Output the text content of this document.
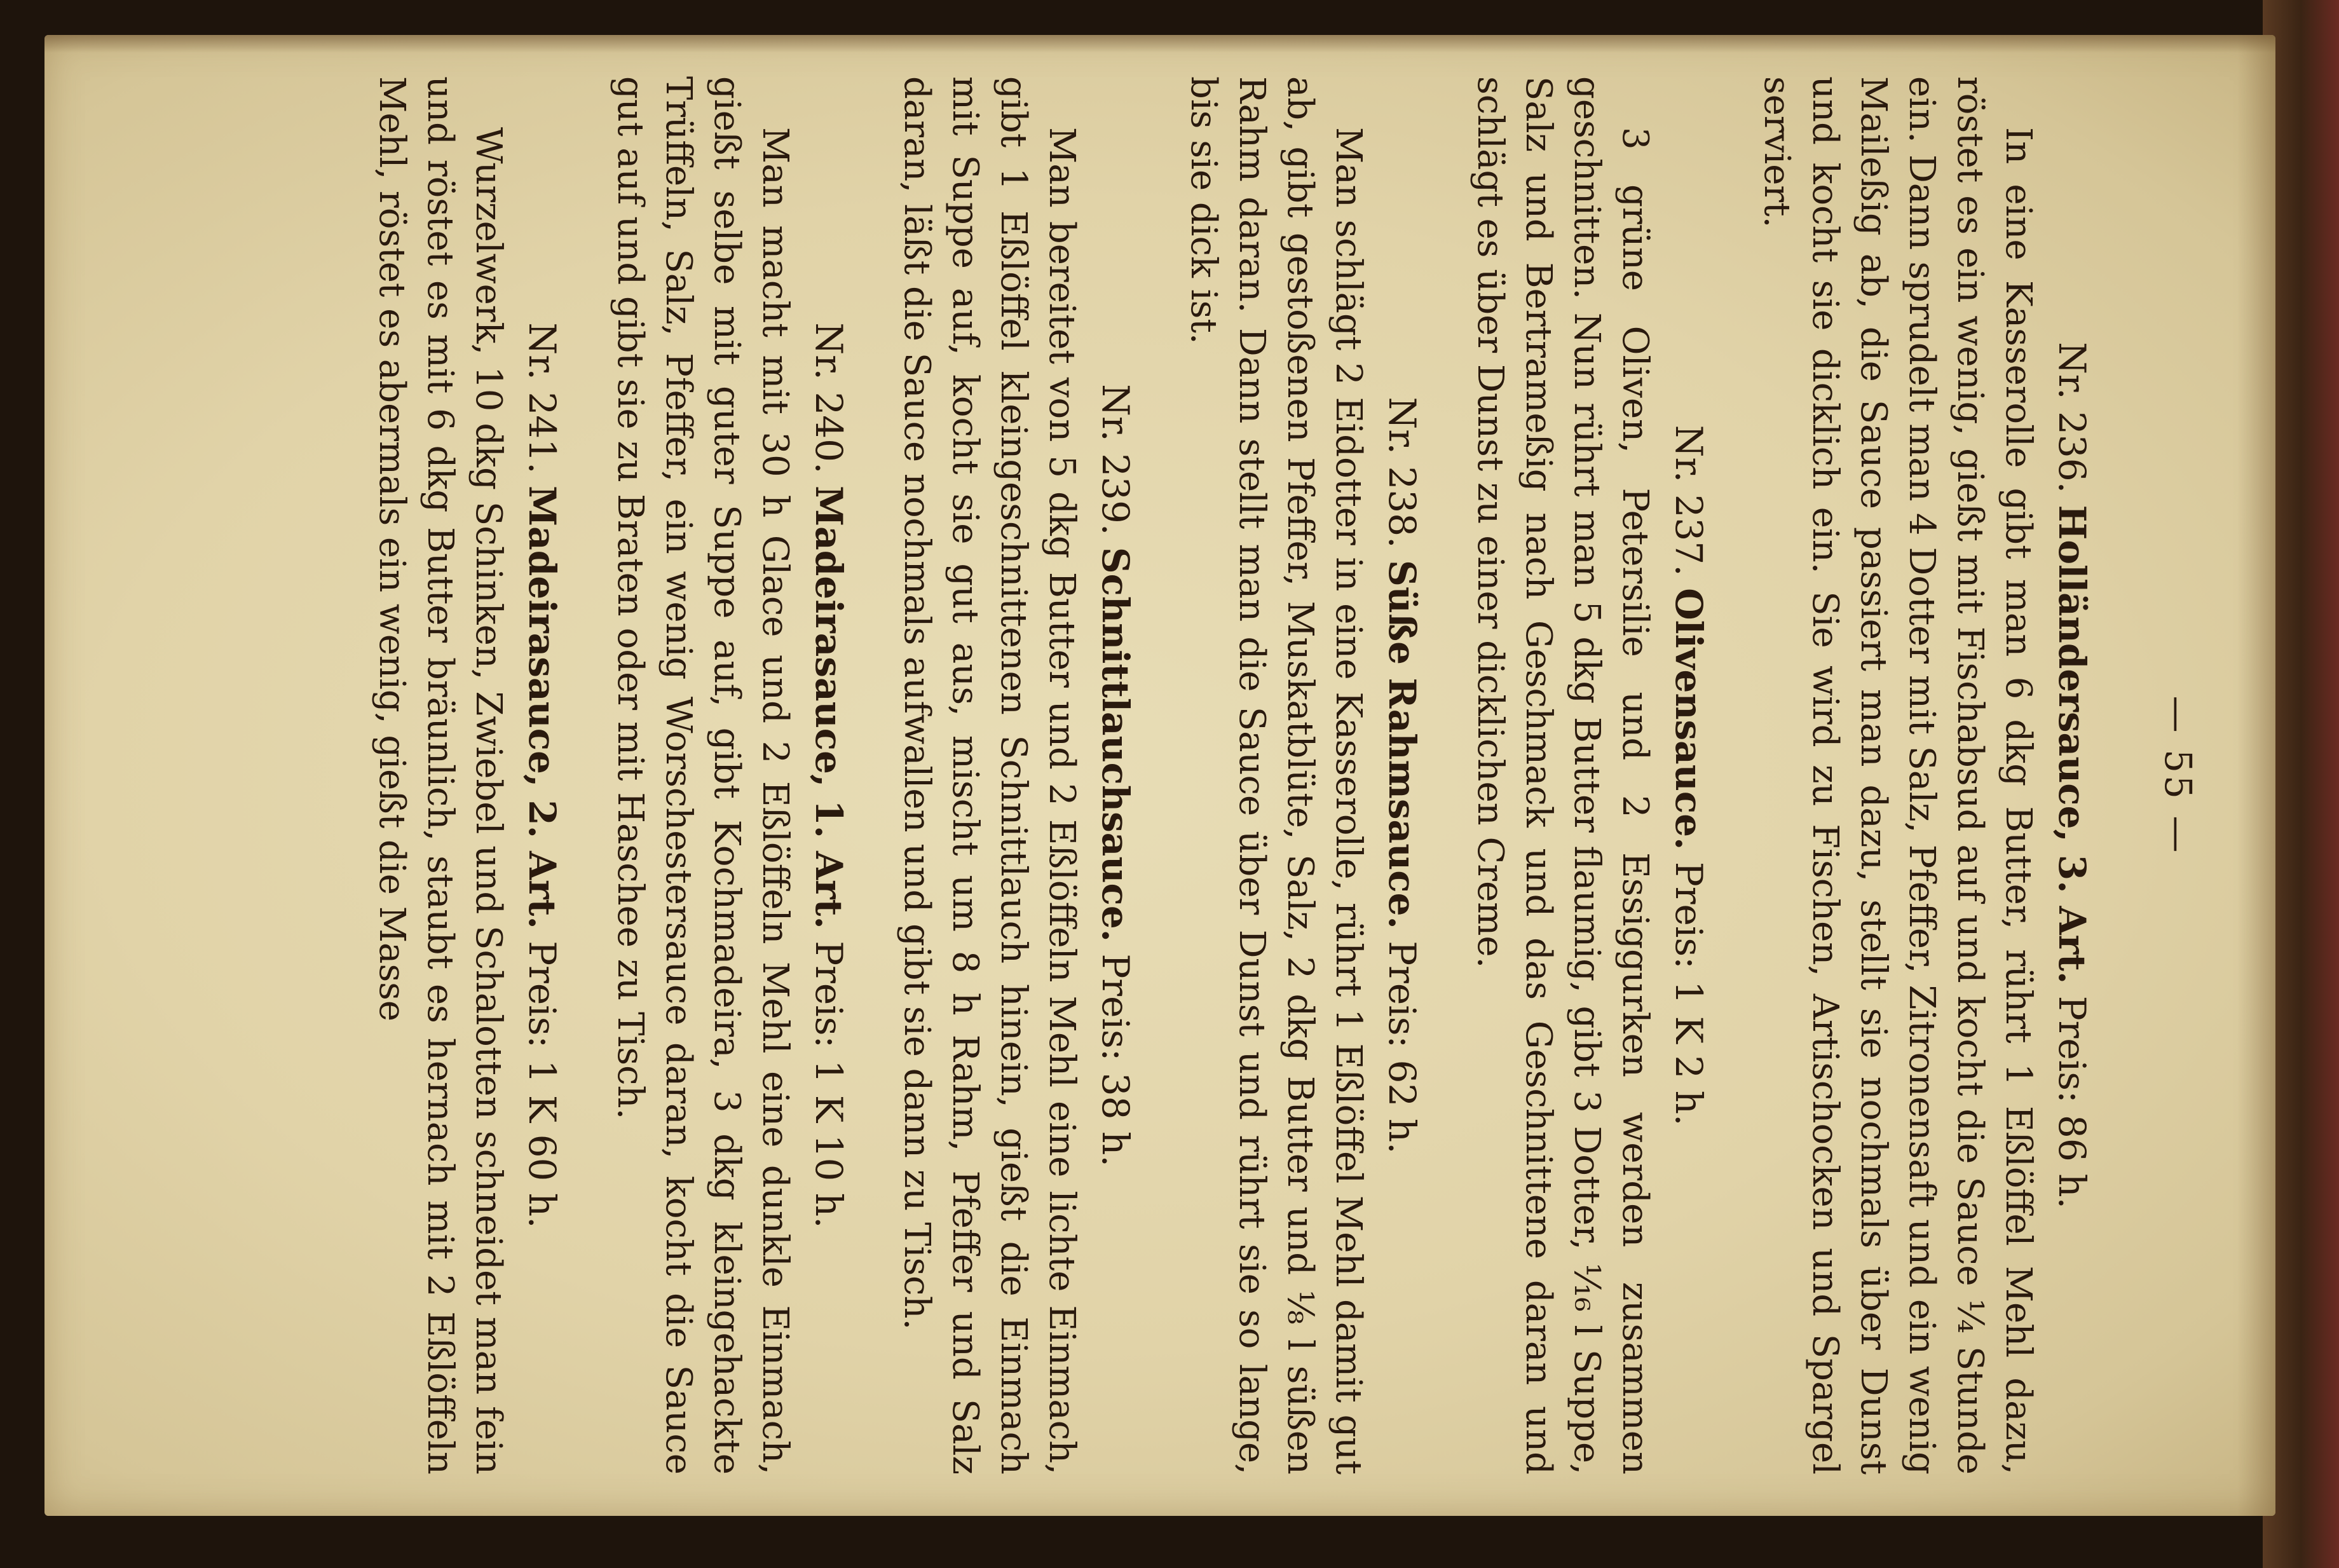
— 55 —

Nr. 236. Holländersauce, 3. Art. Preis: 86 h.

In eine Kasserolle gibt man 6 dkg Butter, rührt 1 Eßlöffel Mehl dazu, röstet es ein wenig, gießt mit Fischabsud auf und kocht die Sauce ¼ Stunde ein. Dann sprudelt man 4 Dotter mit Salz, Pfeffer, Zitronensaft und ein wenig Maileßig ab, die Sauce passiert man dazu, stellt sie nochmals über Dunst und kocht sie dicklich ein. Sie wird zu Fischen, Artischocken und Spargel serviert.

Nr. 237. Olivensauce. Preis: 1 K 2 h.

3 grüne Oliven, Petersilie und 2 Essiggurken werden zusammen geschnitten. Nun rührt man 5 dkg Butter flaumig, gibt 3 Dotter, ¹⁄₁₆ l Suppe, Salz und Bertrameßig nach Geschmack und das Geschnittene daran und schlägt es über Dunst zu einer dicklichen Creme.

Nr. 238. Süße Rahmsauce. Preis: 62 h.

Man schlägt 2 Eidotter in eine Kasserolle, rührt 1 Eßlöffel Mehl damit gut ab, gibt gestoßenen Pfeffer, Muskatblüte, Salz, 2 dkg Butter und ⅛ l süßen Rahm daran. Dann stellt man die Sauce über Dunst und rührt sie so lange, bis sie dick ist.

Nr. 239. Schnittlauchsauce. Preis: 38 h.

Man bereitet von 5 dkg Butter und 2 Eßlöffeln Mehl eine lichte Einmach, gibt 1 Eßlöffel kleingeschnittenen Schnittlauch hinein, gießt die Einmach mit Suppe auf, kocht sie gut aus, mischt um 8 h Rahm, Pfeffer und Salz daran, läßt die Sauce nochmals aufwallen und gibt sie dann zu Tisch.

Nr. 240. Madeirasauce, 1. Art. Preis: 1 K 10 h.

Man macht mit 30 h Glace und 2 Eßlöffeln Mehl eine dunkle Einmach, gießt selbe mit guter Suppe auf, gibt Kochmadeira, 3 dkg kleingehackte Trüffeln, Salz, Pfeffer, ein wenig Worschestersauce daran, kocht die Sauce gut auf und gibt sie zu Braten oder mit Haschee zu Tisch.

Nr. 241. Madeirasauce, 2. Art. Preis: 1 K 60 h.

Wurzelwerk, 10 dkg Schinken, Zwiebel und Schalotten schneidet man fein und röstet es mit 6 dkg Butter bräunlich, staubt es hernach mit 2 Eßlöffeln Mehl, röstet es abermals ein wenig, gießt die Masse
